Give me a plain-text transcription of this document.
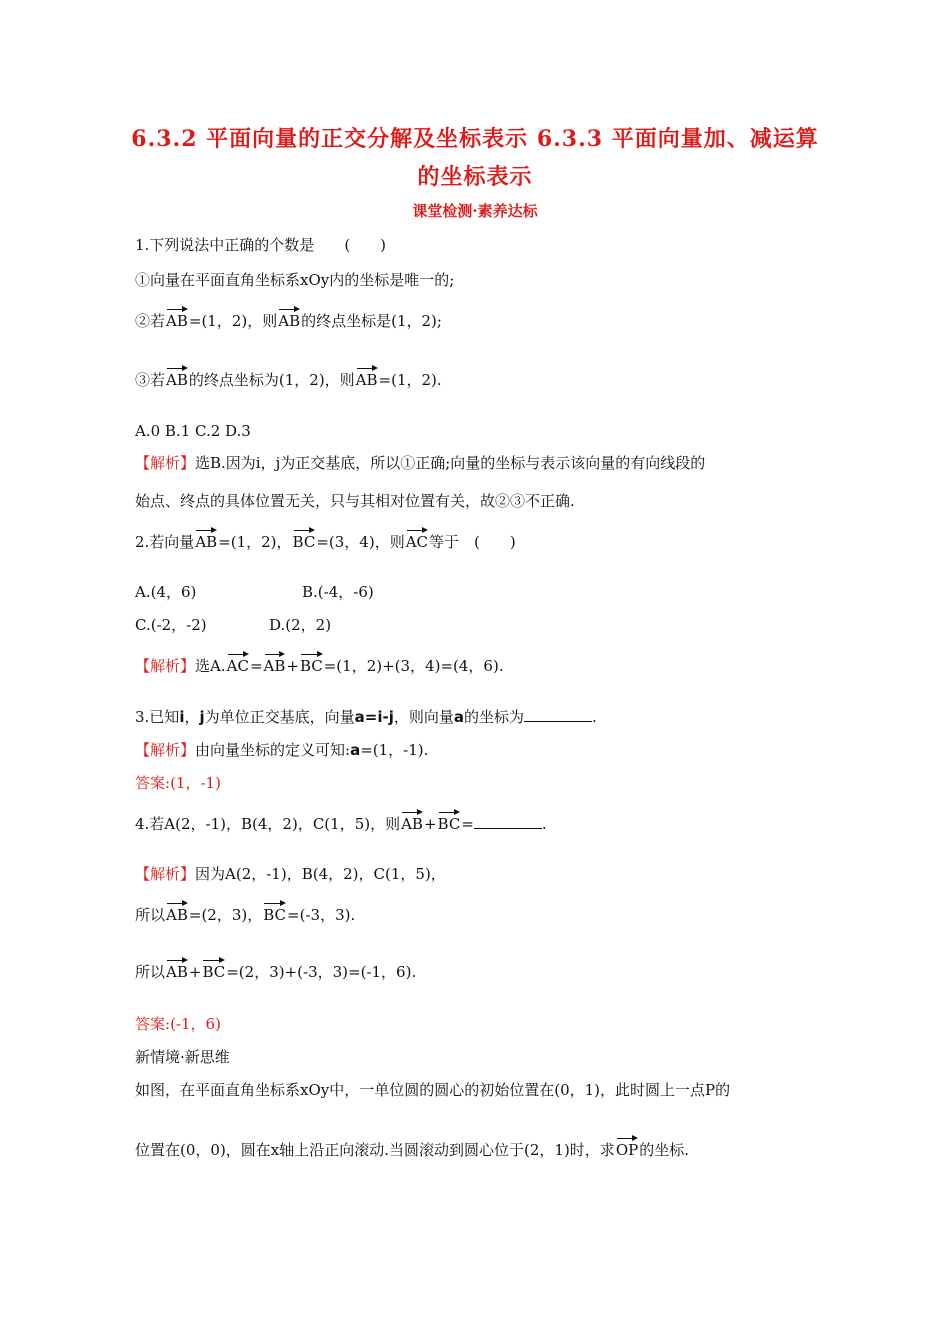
6.3.2 平面向量的正交分解及坐标表示 6.3.3 平面向量加、减运算
的坐标表示
课堂检测·素养达标
1.下列说法中正确的个数是　　(　　)
①向量在平面直角坐标系xOy内的坐标是唯一的;
②若AB=(1，2)，则AB的终点坐标是(1，2);
③若AB的终点坐标为(1，2)，则AB=(1，2).
A.0 B.1 C.2 D.3
【解析】选B.因为i，j为正交基底，所以①正确;向量的坐标与表示该向量的有向线段的
始点、终点的具体位置无关，只与其相对位置有关，故②③不正确.
2.若向量AB=(1，2)，BC=(3，4)，则AC等于　(　　)
A.(4，6)	B.(-4，-6)
C.(-2，-2)	D.(2，2)
【解析】选A.AC=AB+BC=(1，2)+(3，4)=(4，6).
3.已知i，j为单位正交基底，向量a=i-j，则向量a的坐标为	.
【解析】由向量坐标的定义可知:a=(1，-1).
答案:(1，-1)
4.若A(2，-1)，B(4，2)，C(1，5)，则AB+BC=	.
【解析】因为A(2，-1)，B(4，2)，C(1，5)，
所以AB=(2，3)，BC=(-3，3).
所以AB+BC=(2，3)+(-3，3)=(-1，6).
答案:(-1，6)
新情境·新思维
如图，在平面直角坐标系xOy中，一单位圆的圆心的初始位置在(0，1)，此时圆上一点P的
位置在(0，0)，圆在x轴上沿正向滚动.当圆滚动到圆心位于(2，1)时，求OP的坐标.
